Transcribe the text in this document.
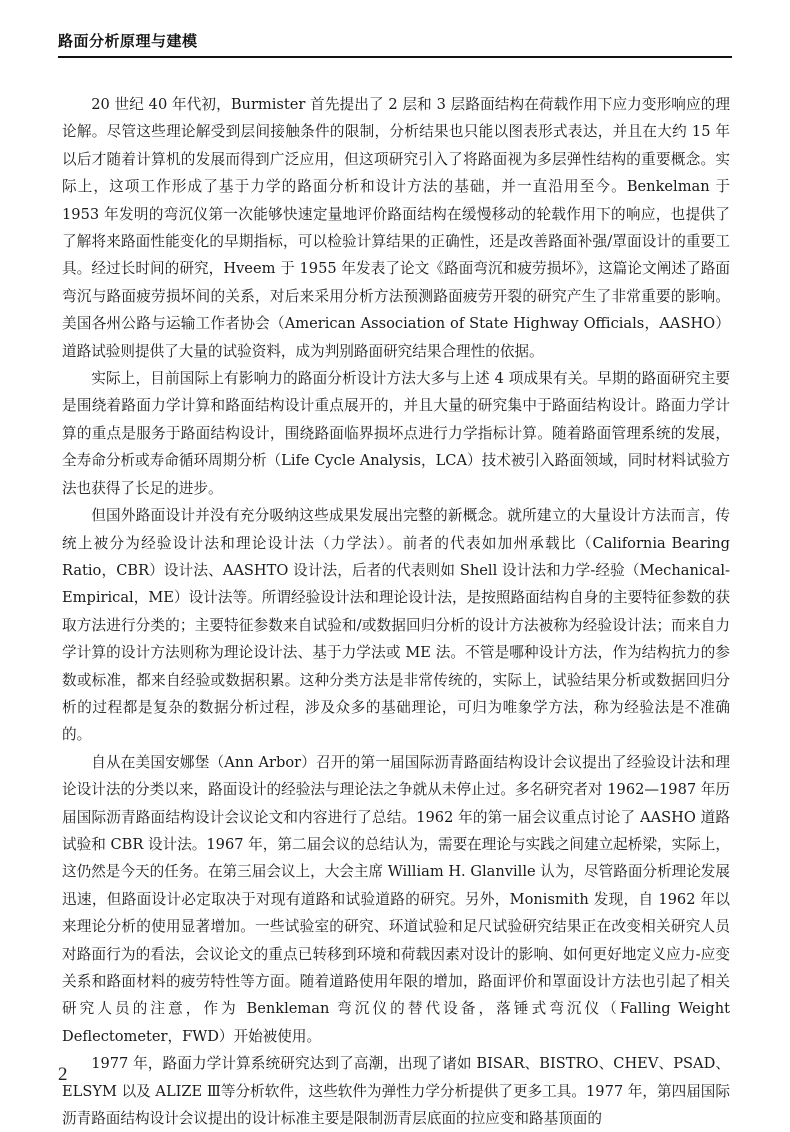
路面分析原理与建模

20 世纪 40 年代初，Burmister 首先提出了 2 层和 3 层路面结构在荷载作用下应力变形响应的理论解。尽管这些理论解受到层间接触条件的限制，分析结果也只能以图表形式表达，并且在大约 15 年以后才随着计算机的发展而得到广泛应用，但这项研究引入了将路面视为多层弹性结构的重要概念。实际上，这项工作形成了基于力学的路面分析和设计方法的基础，并一直沿用至今。Benkelman 于 1953 年发明的弯沉仪第一次能够快速定量地评价路面结构在缓慢移动的轮载作用下的响应，也提供了了解将来路面性能变化的早期指标，可以检验计算结果的正确性，还是改善路面补强/罩面设计的重要工具。经过长时间的研究，Hveem 于 1955 年发表了论文《路面弯沉和疲劳损坏》，这篇论文阐述了路面弯沉与路面疲劳损坏间的关系，对后来采用分析方法预测路面疲劳开裂的研究产生了非常重要的影响。美国各州公路与运输工作者协会（American Association of State Highway Officials，AASHO）道路试验则提供了大量的试验资料，成为判别路面研究结果合理性的依据。

实际上，目前国际上有影响力的路面分析设计方法大多与上述 4 项成果有关。早期的路面研究主要是围绕着路面力学计算和路面结构设计重点展开的，并且大量的研究集中于路面结构设计。路面力学计算的重点是服务于路面结构设计，围绕路面临界损坏点进行力学指标计算。随着路面管理系统的发展，全寿命分析或寿命循环周期分析（Life Cycle Analysis，LCA）技术被引入路面领域，同时材料试验方法也获得了长足的进步。

但国外路面设计并没有充分吸纳这些成果发展出完整的新概念。就所建立的大量设计方法而言，传统上被分为经验设计法和理论设计法（力学法）。前者的代表如加州承载比（California Bearing Ratio，CBR）设计法、AASHTO 设计法，后者的代表则如 Shell 设计法和力学-经验（Mechanical-Empirical，ME）设计法等。所谓经验设计法和理论设计法，是按照路面结构自身的主要特征参数的获取方法进行分类的；主要特征参数来自试验和/或数据回归分析的设计方法被称为经验设计法；而来自力学计算的设计方法则称为理论设计法、基于力学法或 ME 法。不管是哪种设计方法，作为结构抗力的参数或标准，都来自经验或数据积累。这种分类方法是非常传统的，实际上，试验结果分析或数据回归分析的过程都是复杂的数据分析过程，涉及众多的基础理论，可归为唯象学方法，称为经验法是不准确的。

自从在美国安娜堡（Ann Arbor）召开的第一届国际沥青路面结构设计会议提出了经验设计法和理论设计法的分类以来，路面设计的经验法与理论法之争就从未停止过。多名研究者对 1962—1987 年历届国际沥青路面结构设计会议论文和内容进行了总结。1962 年的第一届会议重点讨论了 AASHO 道路试验和 CBR 设计法。1967 年，第二届会议的总结认为，需要在理论与实践之间建立起桥梁，实际上，这仍然是今天的任务。在第三届会议上，大会主席 William H. Glanville 认为，尽管路面分析理论发展迅速，但路面设计必定取决于对现有道路和试验道路的研究。另外，Monismith 发现，自 1962 年以来理论分析的使用显著增加。一些试验室的研究、环道试验和足尺试验研究结果正在改变相关研究人员对路面行为的看法，会议论文的重点已转移到环境和荷载因素对设计的影响、如何更好地定义应力-应变关系和路面材料的疲劳特性等方面。随着道路使用年限的增加，路面评价和罩面设计方法也引起了相关研究人员的注意，作为 Benkleman 弯沉仪的替代设备，落锤式弯沉仪（Falling Weight Deflectometer，FWD）开始被使用。

1977 年，路面力学计算系统研究达到了高潮，出现了诸如 BISAR、BISTRO、CHEV、PSAD、ELSYM 以及 ALIZE Ⅲ等分析软件，这些软件为弹性力学分析提供了更多工具。1977 年，第四届国际沥青路面结构设计会议提出的设计标准主要是限制沥青层底面的拉应变和路基顶面的

2
